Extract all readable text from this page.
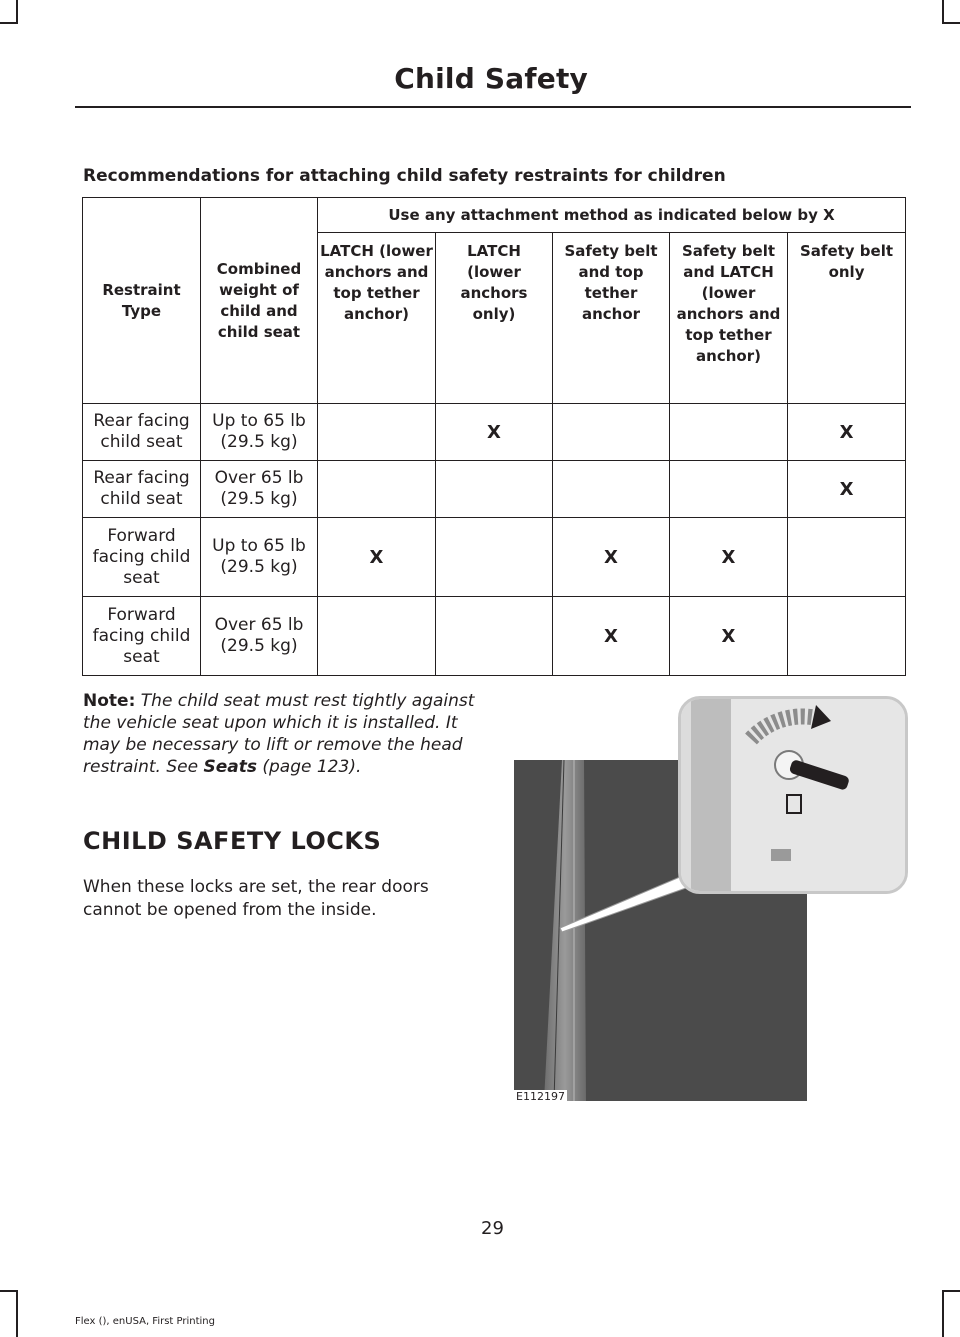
Child Safety
Recommendations for attaching child safety restraints for children
Restraint Type	Combined weight of child and child seat	Use any attachment method as indicated below by X				
		LATCH (lower anchors and top tether anchor)	LATCH (lower anchors only)	Safety belt and top tether anchor	Safety belt and LATCH (lower anchors and top tether anchor)	Safety belt only
Rear facing child seat	Up to 65 lb (29.5 kg)		X			X
Rear facing child seat	Over 65 lb (29.5 kg)					X
Forward facing child seat	Up to 65 lb (29.5 kg)	X		X	X	
Forward facing child seat	Over 65 lb (29.5 kg)			X	X	
Note: The child seat must rest tightly against the vehicle seat upon which it is installed. It may be necessary to lift or remove the head restraint. See Seats (page 123).
CHILD SAFETY LOCKS
When these locks are set, the rear doors cannot be opened from the inside.
E112197
29
Flex (), enUSA, First Printing
